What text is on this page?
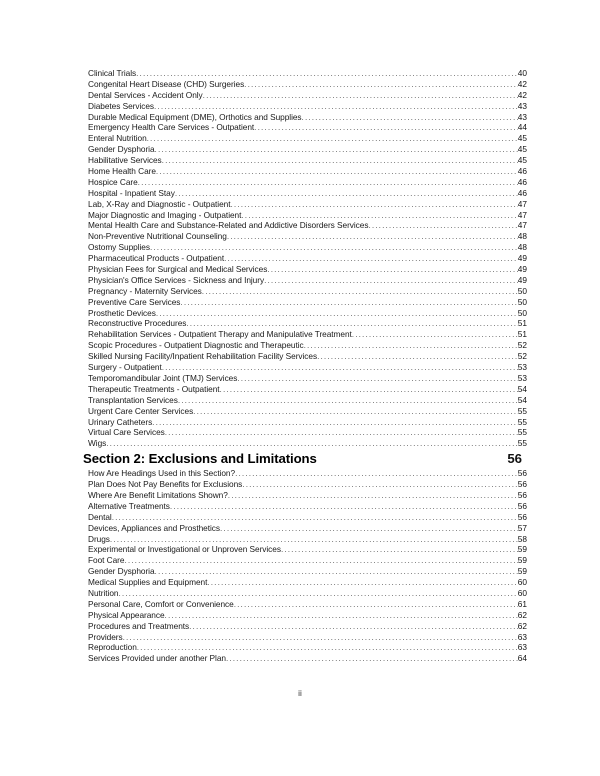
Clinical Trials . . .	40
Congenital Heart Disease (CHD) Surgeries . . .	42
Dental Services - Accident Only . . .	42
Diabetes Services . . .	43
Durable Medical Equipment (DME), Orthotics and Supplies . . .	43
Emergency Health Care Services - Outpatient . . .	44
Enteral Nutrition . . .	45
Gender Dysphoria . . .	45
Habilitative Services . . .	45
Home Health Care . . .	46
Hospice Care . . .	46
Hospital - Inpatient Stay . . .	46
Lab, X-Ray and Diagnostic - Outpatient . . .	47
Major Diagnostic and Imaging - Outpatient . . .	47
Mental Health Care and Substance-Related and Addictive Disorders Services . . .	47
Non-Preventive Nutritional Counseling . . .	48
Ostomy Supplies . . .	48
Pharmaceutical Products - Outpatient . . .	49
Physician Fees for Surgical and Medical Services . . .	49
Physician's Office Services - Sickness and Injury . . .	49
Pregnancy - Maternity Services . . .	50
Preventive Care Services . . .	50
Prosthetic Devices . . .	50
Reconstructive Procedures . . .	51
Rehabilitation Services - Outpatient Therapy and Manipulative Treatment . . .	51
Scopic Procedures - Outpatient Diagnostic and Therapeutic . . .	52
Skilled Nursing Facility/Inpatient Rehabilitation Facility Services . . .	52
Surgery - Outpatient . . .	53
Temporomandibular Joint (TMJ) Services . . .	53
Therapeutic Treatments - Outpatient . . .	54
Transplantation Services . . .	54
Urgent Care Center Services . . .	55
Urinary Catheters . . .	55
Virtual Care Services . . .	55
Wigs . . .	55
Section 2: Exclusions and Limitations . . .	56
How Are Headings Used in this Section? . . .	56
Plan Does Not Pay Benefits for Exclusions . . .	56
Where Are Benefit Limitations Shown? . . .	56
Alternative Treatments . . .	56
Dental . . .	56
Devices, Appliances and Prosthetics . . .	57
Drugs . . .	58
Experimental or Investigational or Unproven Services . . .	59
Foot Care . . .	59
Gender Dysphoria . . .	59
Medical Supplies and Equipment . . .	60
Nutrition . . .	60
Personal Care, Comfort or Convenience . . .	61
Physical Appearance . . .	62
Procedures and Treatments . . .	62
Providers . . .	63
Reproduction . . .	63
Services Provided under another Plan . . .	64
ii
